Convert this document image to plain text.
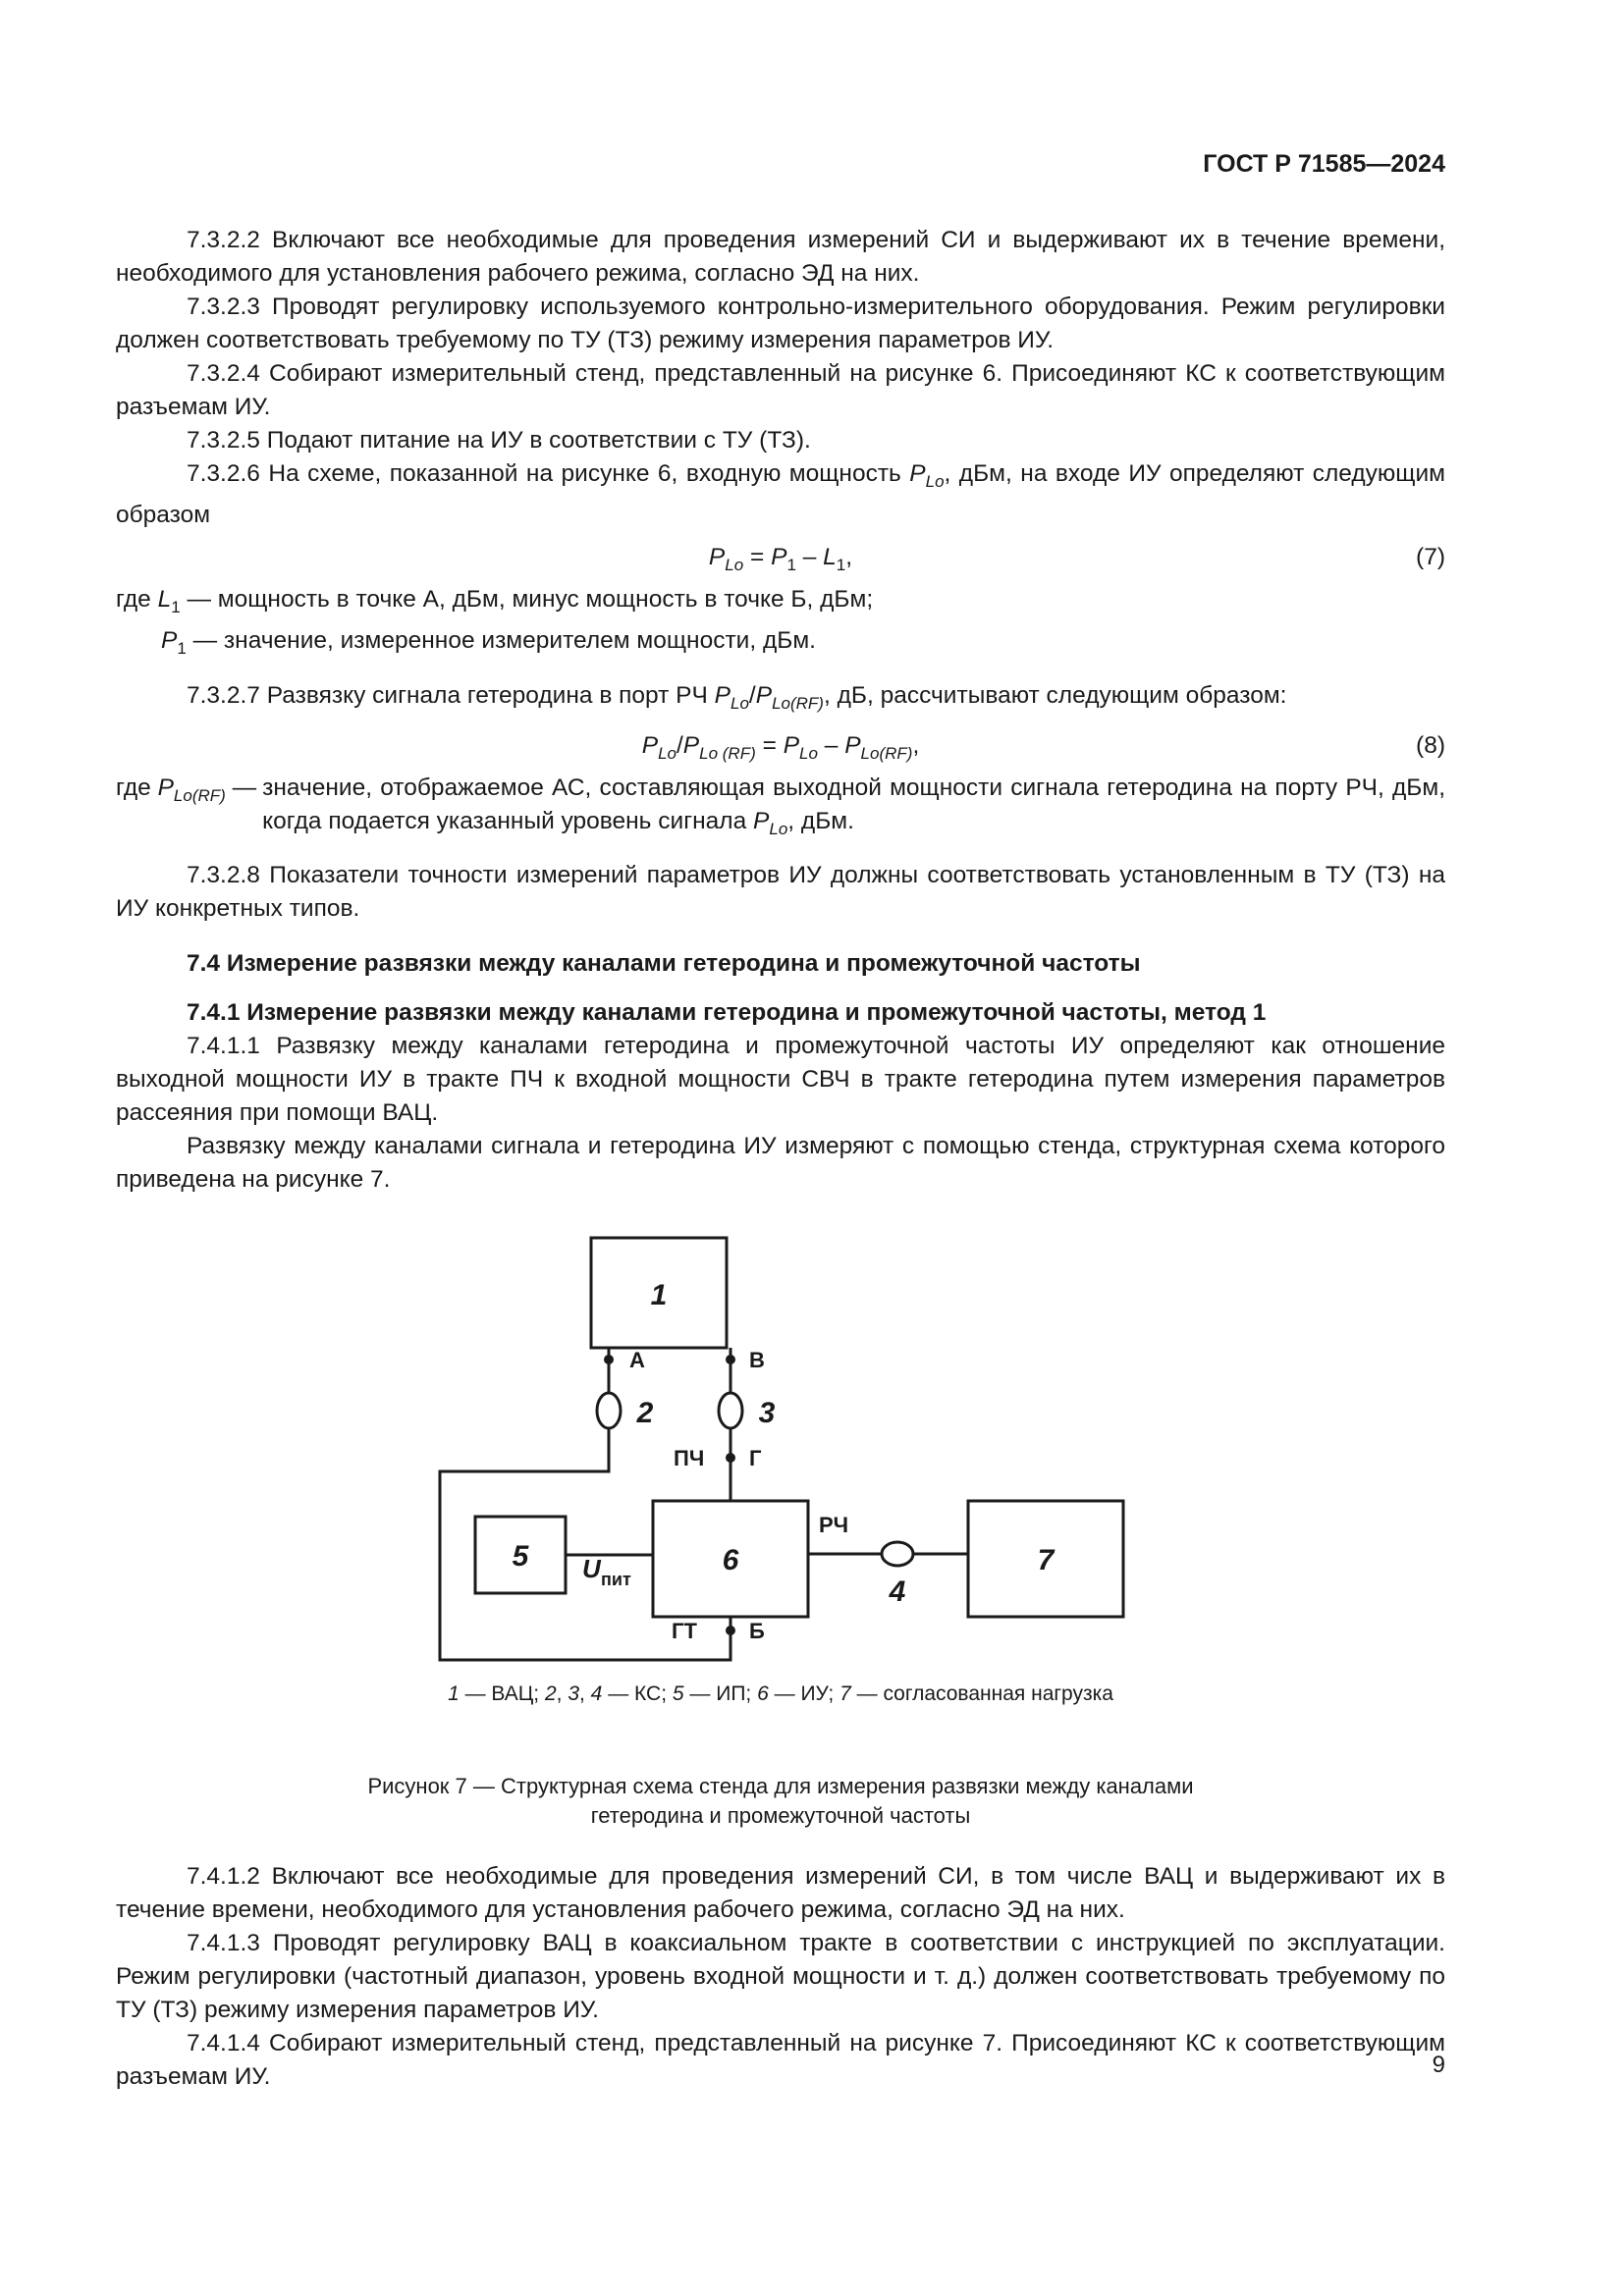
ГОСТ Р 71585—2024

7.3.2.2 Включают все необходимые для проведения измерений СИ и выдерживают их в течение времени, необходимого для установления рабочего режима, согласно ЭД на них.

7.3.2.3 Проводят регулировку используемого контрольно-измерительного оборудования. Режим регулировки должен соответствовать требуемому по ТУ (ТЗ) режиму измерения параметров ИУ.

7.3.2.4 Собирают измерительный стенд, представленный на рисунке 6. Присоединяют КС к соответствующим разъемам ИУ.

7.3.2.5 Подают питание на ИУ в соответствии с ТУ (ТЗ).

7.3.2.6 На схеме, показанной на рисунке 6, входную мощность $P_{Lo}$, дБм, на входе ИУ определяют следующим образом

$P_{Lo} = P_1 - L_1$,	(7)

где $L_1$ — мощность в точке А, дБм, минус мощность в точке Б, дБм;

$P_1$ — значение, измеренное измерителем мощности, дБм.

7.3.2.7 Развязку сигнала гетеродина в порт РЧ $P_{Lo}/P_{Lo(RF)}$, дБ, рассчитывают следующим образом:

$P_{Lo}/P_{Lo (RF)} = P_{Lo} - P_{Lo(RF)}$,	(8)
где $P_{Lo(RF)}$ — значение, отображаемое АС, составляющая выходной мощности сигнала гетеродина на порту РЧ, дБм, когда подается указанный уровень сигнала $P_{Lo}$, дБм.

7.3.2.8 Показатели точности измерений параметров ИУ должны соответствовать установленным в ТУ (ТЗ) на ИУ конкретных типов.

7.4 Измерение развязки между каналами гетеродина и промежуточной частоты

7.4.1 Измерение развязки между каналами гетеродина и промежуточной частоты, метод 1

7.4.1.1 Развязку между каналами гетеродина и промежуточной частоты ИУ определяют как отношение выходной мощности ИУ в тракте ПЧ к входной мощности СВЧ в тракте гетеродина путем измерения параметров рассеяния при помощи ВАЦ.

Развязку между каналами сигнала и гетеродина ИУ измеряют с помощью стенда, структурная схема которого приведена на рисунке 7.

1
5	6	7
2	3
4
А	В
Г
Б
ПЧ
РЧ
ГТ
U пит
1 — ВАЦ; 2, 3, 4 — КС; 5 — ИП; 6 — ИУ; 7 — согласованная нагрузка
Рисунок 7 — Структурная схема стенда для измерения развязки между каналами
гетеродина и промежуточной частоты

7.4.1.2 Включают все необходимые для проведения измерений СИ, в том числе ВАЦ и выдерживают их в течение времени, необходимого для установления рабочего режима, согласно ЭД на них.

7.4.1.3 Проводят регулировку ВАЦ в коаксиальном тракте в соответствии с инструкцией по эксплуатации. Режим регулировки (частотный диапазон, уровень входной мощности и т. д.) должен соответствовать требуемому по ТУ (ТЗ) режиму измерения параметров ИУ.

7.4.1.4 Собирают измерительный стенд, представленный на рисунке 7. Присоединяют КС к соответствующим разъемам ИУ.	9
